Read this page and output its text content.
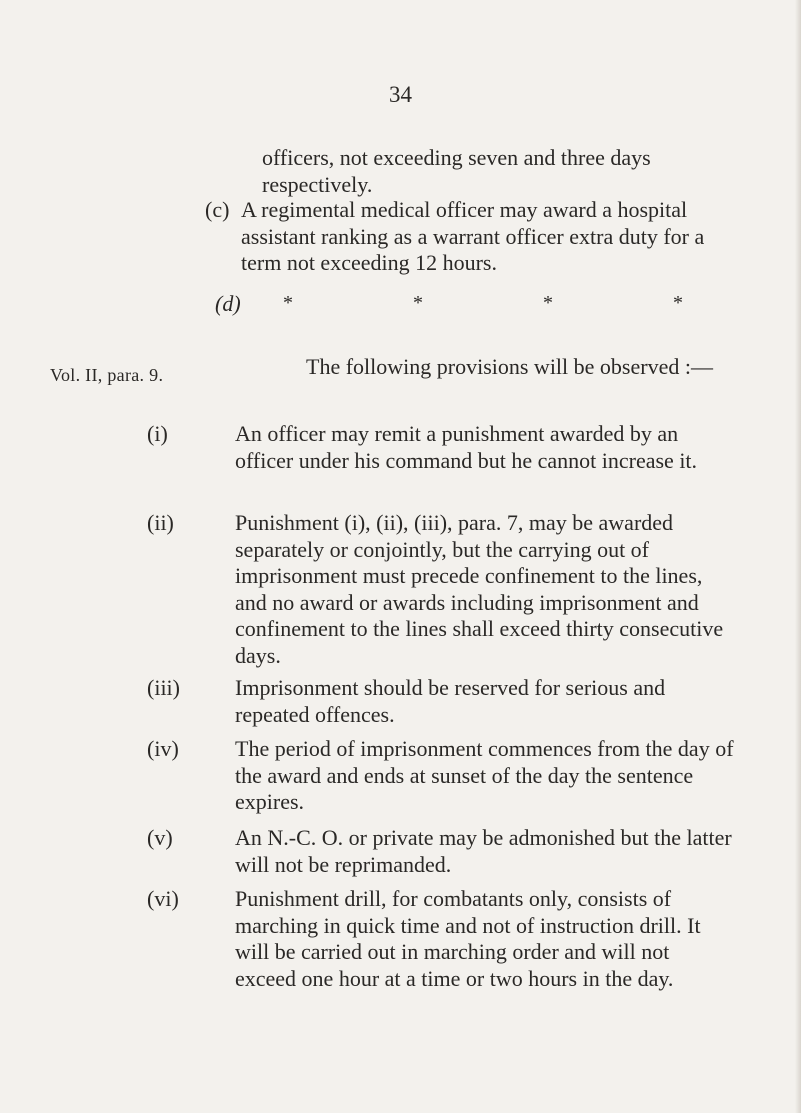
34
officers, not exceeding seven and three days respectively.
(c) A regimental medical officer may award a hospital assistant ranking as a warrant officer extra duty for a term not exceeding 12 hours.
(d) *	*	*	*
Vol. II, para. 9.	The following provisions will be observed :—
(i)	An officer may remit a punishment awarded by an officer under his command but he cannot increase it.
(ii)	Punishment (i), (ii), (iii), para. 7, may be awarded separately or conjointly, but the carrying out of imprisonment must precede confinement to the lines, and no award or awards including imprisonment and confinement to the lines shall exceed thirty consecutive days.
(iii)	Imprisonment should be reserved for serious and repeated offences.
(iv)	The period of imprisonment commences from the day of the award and ends at sunset of the day the sentence expires.
(v)	An N.-C. O. or private may be admonished but the latter will not be reprimanded.
(vi)	Punishment drill, for combatants only, consists of marching in quick time and not of instruction drill. It will be carried out in marching order and will not exceed one hour at a time or two hours in the day.
